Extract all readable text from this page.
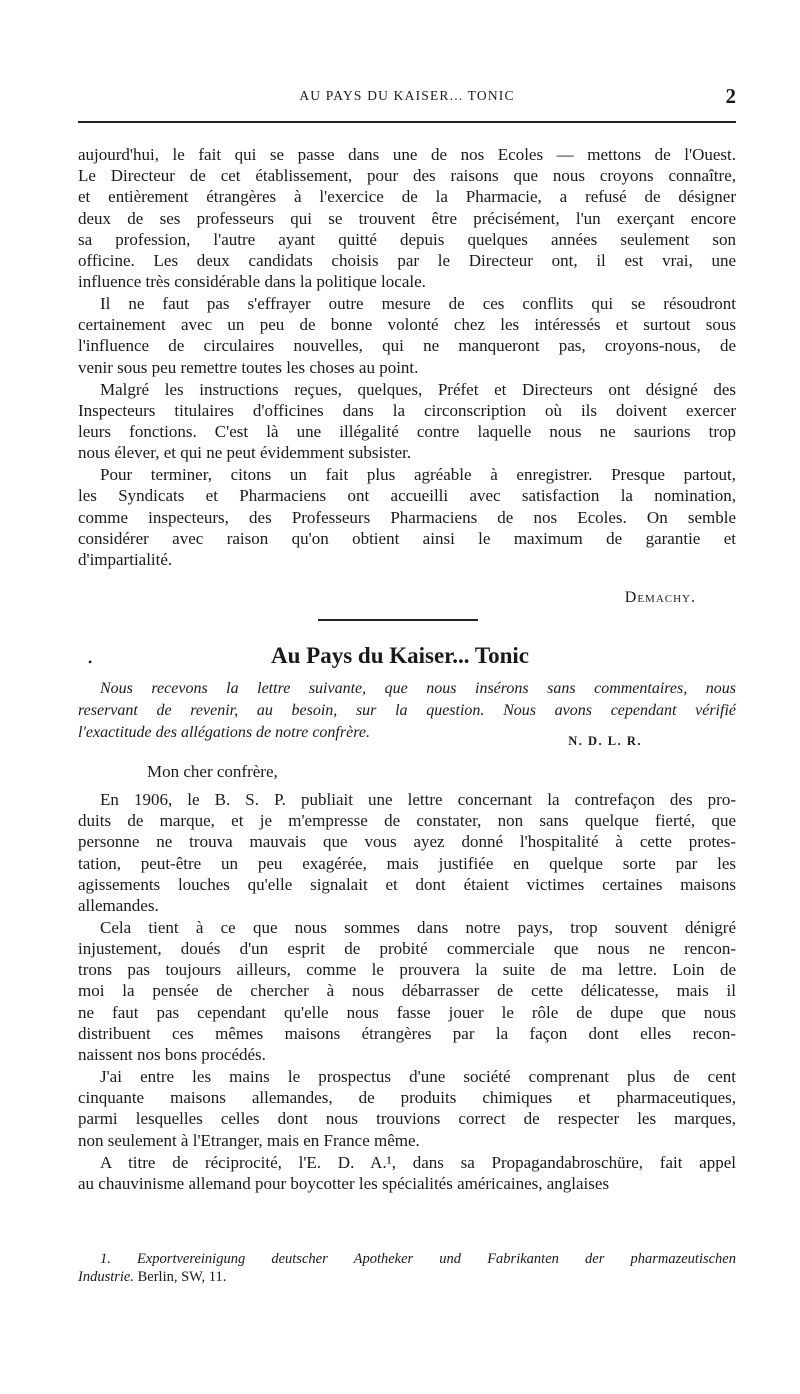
AU PAYS DU KAISER... TONIC	2
aujourd'hui, le fait qui se passe dans une de nos Ecoles — mettons de l'Ouest.
Le Directeur de cet établissement, pour des raisons que nous croyons connaître,
et entièrement étrangères à l'exercice de la Pharmacie, a refusé de désigner
deux de ses professeurs qui se trouvent être précisément, l'un exerçant encore
sa profession, l'autre ayant quitté depuis quelques années seulement son
officine. Les deux candidats choisis par le Directeur ont, il est vrai, une
influence très considérable dans la politique locale.
Il ne faut pas s'effrayer outre mesure de ces conflits qui se résoudront
certainement avec un peu de bonne volonté chez les intéressés et surtout sous
l'influence de circulaires nouvelles, qui ne manqueront pas, croyons-nous, de
venir sous peu remettre toutes les choses au point.
Malgré les instructions reçues, quelques, Préfet et Directeurs ont désigné des
Inspecteurs titulaires d'officines dans la circonscription où ils doivent exercer
leurs fonctions. C'est là une illégalité contre laquelle nous ne saurions trop
nous élever, et qui ne peut évidemment subsister.
Pour terminer, citons un fait plus agréable à enregistrer. Presque partout,
les Syndicats et Pharmaciens ont accueilli avec satisfaction la nomination,
comme inspecteurs, des Professeurs Pharmaciens de nos Ecoles. On semble
considérer avec raison qu'on obtient ainsi le maximum de garantie et
d'impartialité.
Demachy.
•	Au Pays du Kaiser... Tonic
Nous recevons la lettre suivante, que nous insérons sans commentaires, nous
reservant de revenir, au besoin, sur la question. Nous avons cependant vérifié
l'exactitude des allégations de notre confrère.	N. D. L. R.
Mon cher confrère,
En 1906, le B. S. P. publiait une lettre concernant la contrefaçon des pro-
duits de marque, et je m'empresse de constater, non sans quelque fierté, que
personne ne trouva mauvais que vous ayez donné l'hospitalité à cette protes-
tation, peut-être un peu exagérée, mais justifiée en quelque sorte par les
agissements louches qu'elle signalait et dont étaient victimes certaines maisons
allemandes.
Cela tient à ce que nous sommes dans notre pays, trop souvent dénigré
injustement, doués d'un esprit de probité commerciale que nous ne rencon-
trons pas toujours ailleurs, comme le prouvera la suite de ma lettre. Loin de
moi la pensée de chercher à nous débarrasser de cette délicatesse, mais il
ne faut pas cependant qu'elle nous fasse jouer le rôle de dupe que nous
distribuent ces mêmes maisons étrangères par la façon dont elles recon-
naissent nos bons procédés.
J'ai entre les mains le prospectus d'une société comprenant plus de cent
cinquante maisons allemandes, de produits chimiques et pharmaceutiques,
parmi lesquelles celles dont nous trouvions correct de respecter les marques,
non seulement à l'Etranger, mais en France même.
A titre de réciprocité, l'E. D. A.¹, dans sa Propagandabroschüre, fait appel
au chauvinisme allemand pour boycotter les spécialités américaines, anglaises
1. Exportvereinigung deutscher Apotheker und Fabrikanten der pharmazeutischen
Industrie. Berlin, SW, 11.
